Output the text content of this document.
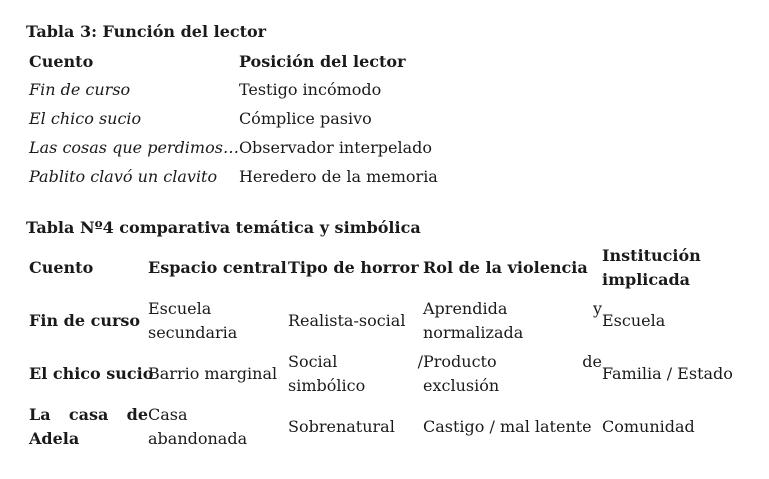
Tabla 3: Función del lector
Cuento	Posición del lector
Fin de curso	Testigo incómodo
El chico sucio	Cómplice pasivo
Las cosas que perdimos…	Observador interpelado
Pablito clavó un clavito	Heredero de la memoria
Tabla Nº4 comparativa temática y simbólica
Cuento	Espacio central	Tipo de horror	Rol de la violencia	Institución implicada
Fin de curso	Escuela secundaria	Realista-social	Aprendida y normalizada	Escuela
El chico sucio	Barrio marginal	Social / simbólico	Producto de exclusión	Familia / Estado
La casa de Adela	Casa abandonada	Sobrenatural	Castigo / mal latente	Comunidad
